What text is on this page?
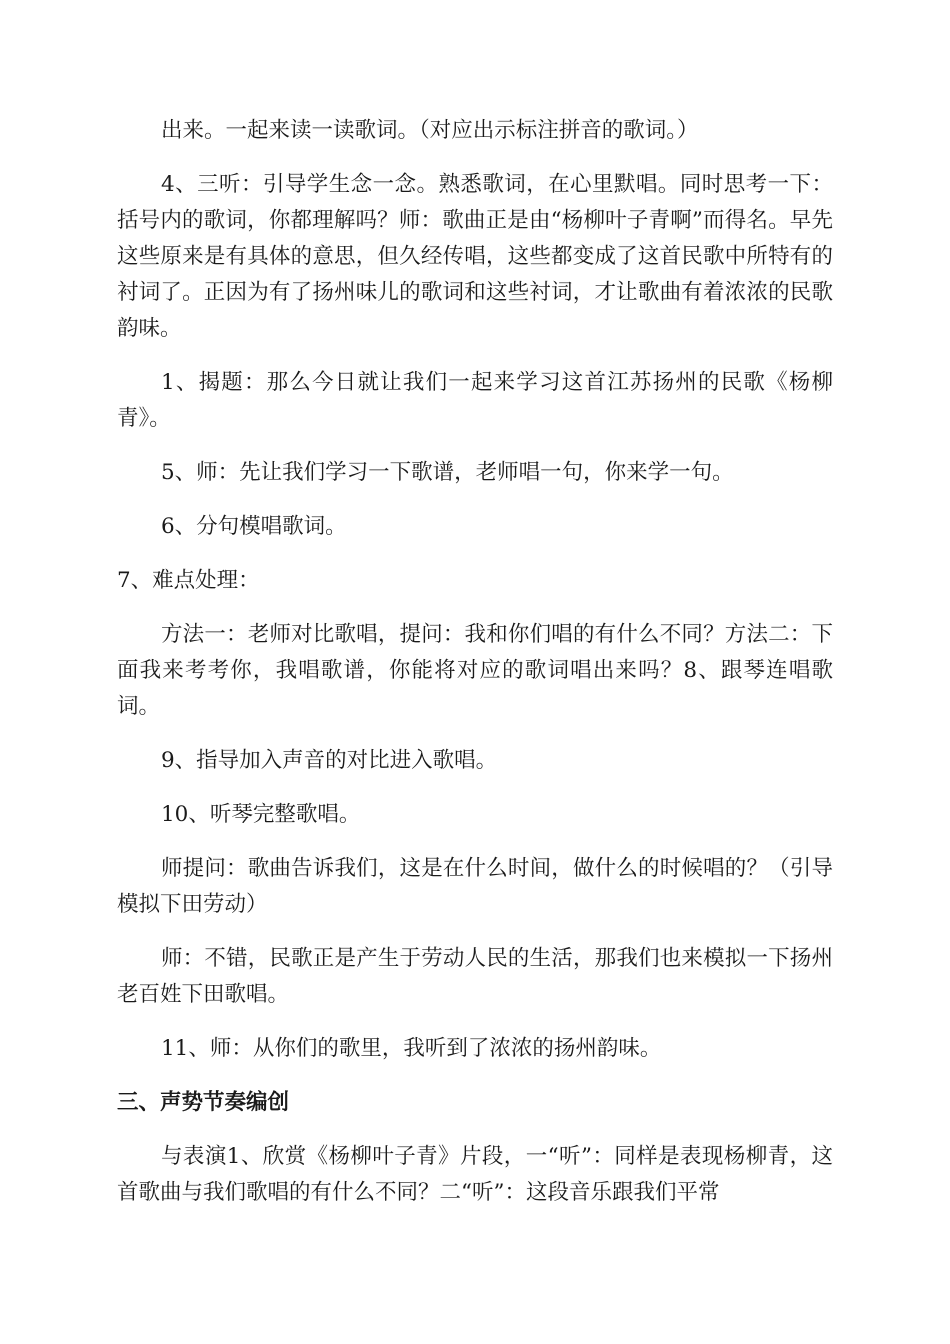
出来。一起来读一读歌词。（对应出示标注拼音的歌词。）

4、三听：引导学生念一念。熟悉歌词，在心里默唱。同时思考一下：括号内的歌词，你都理解吗？师：歌曲正是由“杨柳叶子青啊”而得名。早先这些原来是有具体的意思，但久经传唱，这些都变成了这首民歌中所特有的衬词了。正因为有了扬州味儿的歌词和这些衬词，才让歌曲有着浓浓的民歌韵味。

1、揭题：那么今日就让我们一起来学习这首江苏扬州的民歌《杨柳青》。

5、师：先让我们学习一下歌谱，老师唱一句，你来学一句。

6、分句模唱歌词。

7、难点处理：

方法一：老师对比歌唱，提问：我和你们唱的有什么不同？方法二：下面我来考考你，我唱歌谱，你能将对应的歌词唱出来吗？8、跟琴连唱歌词。

9、指导加入声音的对比进入歌唱。

10、听琴完整歌唱。

师提问：歌曲告诉我们，这是在什么时间，做什么的时候唱的？（引导模拟下田劳动）

师：不错，民歌正是产生于劳动人民的生活，那我们也来模拟一下扬州老百姓下田歌唱。

11、师：从你们的歌里，我听到了浓浓的扬州韵味。

三、声势节奏编创

与表演1、欣赏《杨柳叶子青》片段，一“听”：同样是表现杨柳青，这首歌曲与我们歌唱的有什么不同？二“听”：这段音乐跟我们平常
